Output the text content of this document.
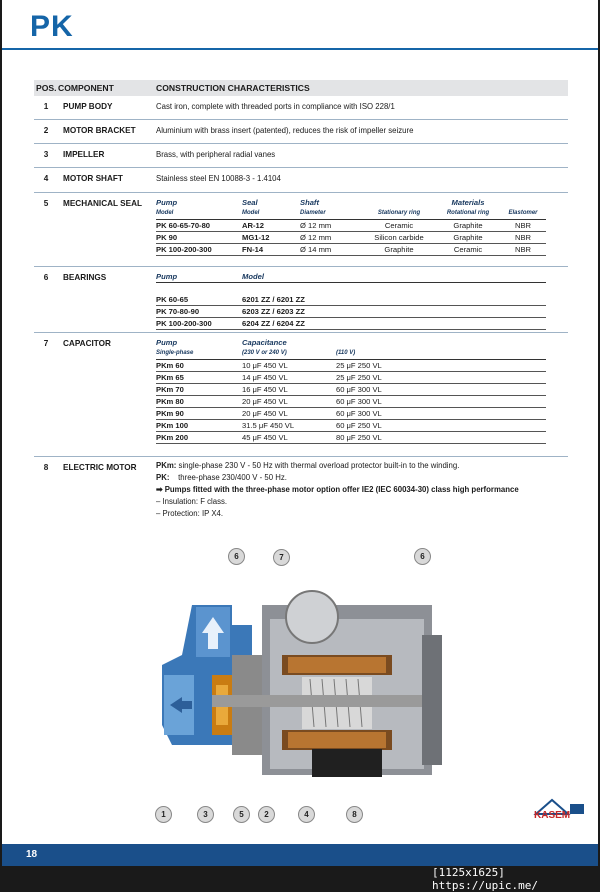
PK
POS. COMPONENT	CONSTRUCTION CHARACTERISTICS
1	PUMP BODY	Cast iron, complete with threaded ports in compliance with ISO 228/1
2	MOTOR BRACKET	Aluminium with brass insert (patented), reduces the risk of impeller seizure
3	IMPELLER	Brass, with peripheral radial vanes
4	MOTOR SHAFT	Stainless steel EN 10088-3 - 1.4104
5	MECHANICAL SEAL	Pump	Seal	Shaft		Materials	
Model	Model	Diameter	Stationary ring	Rotational ring	Elastomer
PK 60-65-70-80	AR-12	Ø 12 mm	Ceramic	Graphite	NBR
PK 90	MG1-12	Ø 12 mm	Silicon carbide	Graphite	NBR
PK 100-200-300	FN-14	Ø 14 mm	Graphite	Ceramic	NBR
6	BEARINGS	Pump	Model

PK 60-65	6201 ZZ / 6201 ZZ
PK 70-80-90	6203 ZZ / 6203 ZZ
PK 100-200-300	6204 ZZ / 6204 ZZ
7	CAPACITOR	Pump	Capacitance	
Single-phase	(230 V or 240 V)	(110 V)
PKm 60	10 μF 450 VL	25 μF 250 VL
PKm 65	14 μF 450 VL	25 μF 250 VL
PKm 70	16 μF 450 VL	60 μF 300 VL
PKm 80	20 μF 450 VL	60 μF 300 VL
PKm 90	20 μF 450 VL	60 μF 300 VL
PKm 100	31.5 μF 450 VL	60 μF 250 VL
PKm 200	45 μF 450 VL	80 μF 250 VL
8	ELECTRIC MOTOR	PKm: single-phase 230 V - 50 Hz with thermal overload protector built-in to the winding.
PK: three-phase 230/400 V - 50 Hz.
➡ Pumps fitted with the three-phase motor option offer IE2 (IEC 60034-30) class high performance
– Insulation: F class.
– Protection: IP X4.
6	7	6
1	3	5	2	4	8	KASEM
18
[1125x1625] https://upic.me/
